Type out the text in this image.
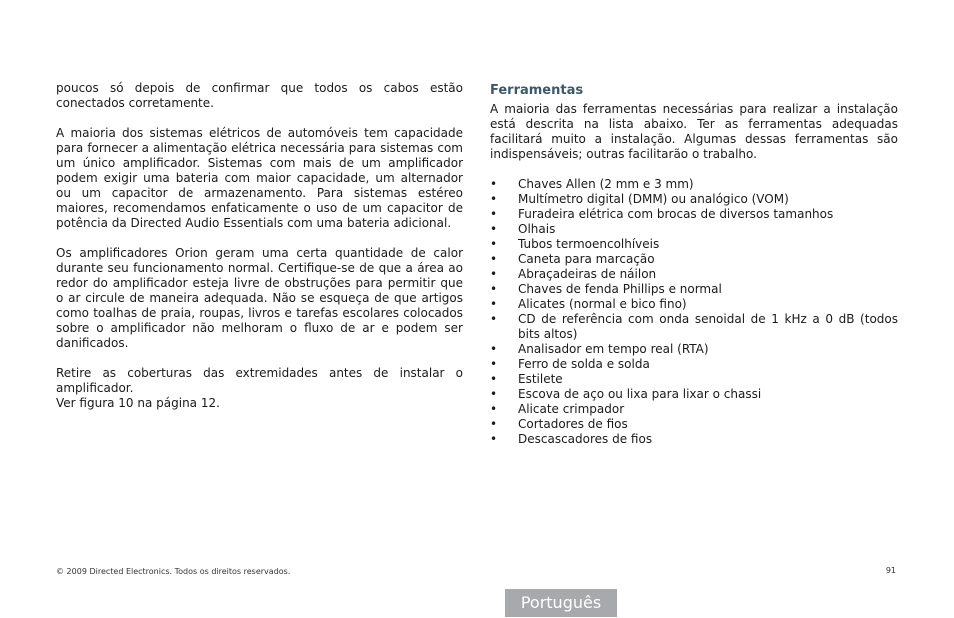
poucos só depois de confirmar que todos os cabos estão conectados corretamente.

A maioria dos sistemas elétricos de automóveis tem capacidade para fornecer a alimentação elétrica necessária para sistemas com um único amplificador. Sistemas com mais de um amplificador podem exigir uma bateria com maior capacidade, um alternador ou um capacitor de armazenamento. Para sistemas estéreo maiores, recomendamos enfaticamente o uso de um capacitor de potência da Directed Audio Essentials com uma bateria adicional.

Os amplificadores Orion geram uma certa quantidade de calor durante seu funcionamento normal. Certifique-se de que a área ao redor do amplificador esteja livre de obstruções para permitir que o ar circule de maneira adequada. Não se esqueça de que artigos como toalhas de praia, roupas, livros e tarefas escolares colocados sobre o amplificador não melhoram o fluxo de ar e podem ser danificados.

Retire as coberturas das extremidades antes de instalar o amplificador.
Ver figura 10 na página 12.

Ferramentas

A maioria das ferramentas necessárias para realizar a instalação está descrita na lista abaixo. Ter as ferramentas adequadas facilitará muito a instalação. Algumas dessas ferramentas são indispensáveis; outras facilitarão o trabalho.

• Chaves Allen (2 mm e 3 mm)
• Multímetro digital (DMM) ou analógico (VOM)
• Furadeira elétrica com brocas de diversos tamanhos
• Olhais
• Tubos termoencolhíveis
• Caneta para marcação
• Abraçadeiras de náilon
• Chaves de fenda Phillips e normal
• Alicates (normal e bico fino)
• CD de referência com onda senoidal de 1 kHz a 0 dB (todos bits altos)
• Analisador em tempo real (RTA)
• Ferro de solda e solda
• Estilete
• Escova de aço ou lixa para lixar o chassi
• Alicate crimpador
• Cortadores de fios
• Descascadores de fios
© 2009 Directed Electronics. Todos os direitos reservados.	91
Português
